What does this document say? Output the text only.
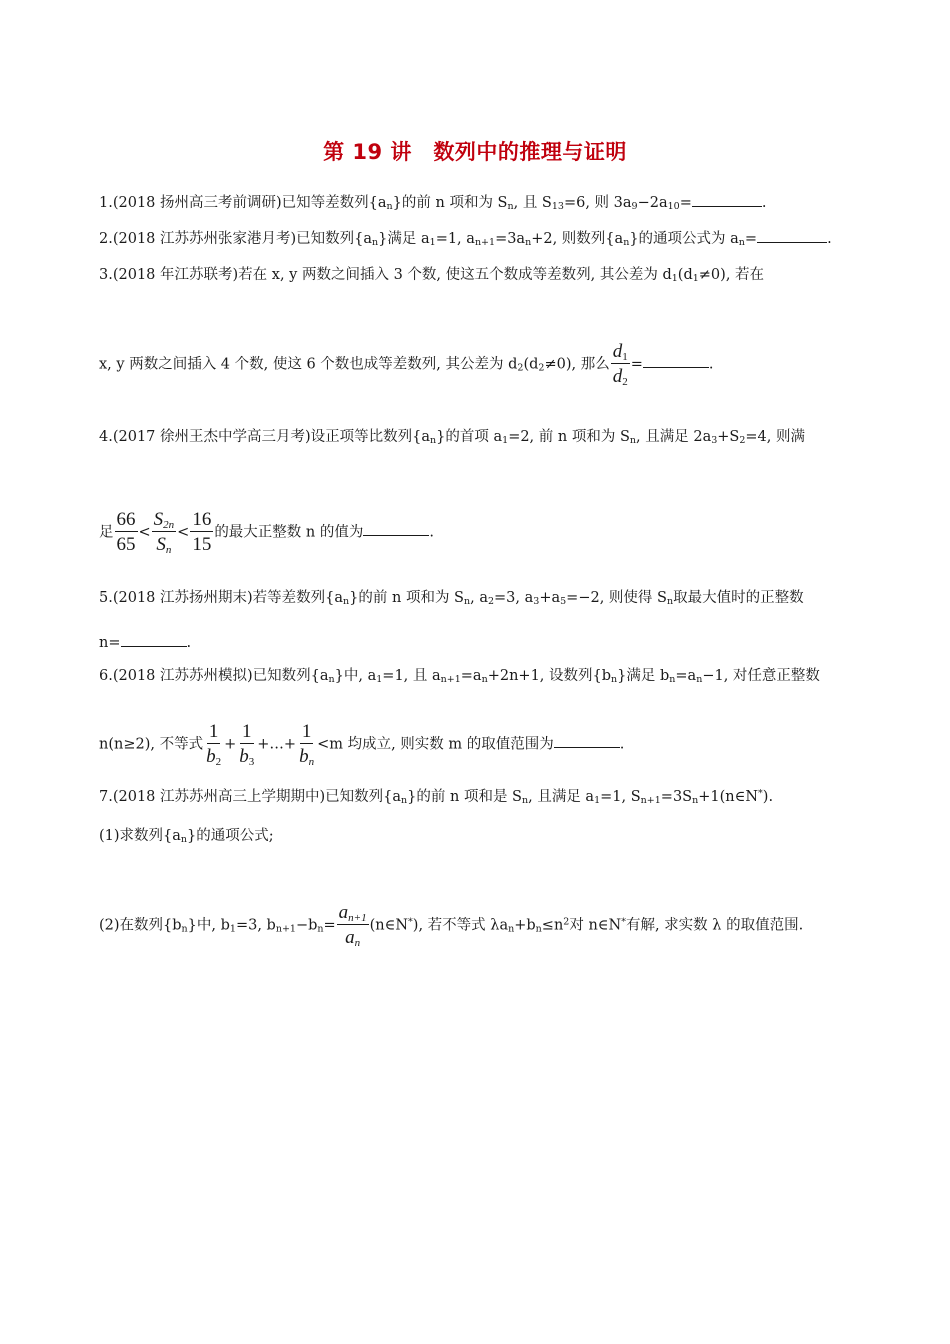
第 19 讲　数列中的推理与证明
1.(2018 扬州高三考前调研)已知等差数列$\{a_n\}$的前 n 项和为 $S_n$, 且 $S_{13}=6$, 则 $3a_9-2a_{10}=$	.
2.(2018 江苏苏州张家港月考)已知数列$\{a_n\}$满足 $a_1=1$, $a_{n+1}=3a_n+2$, 则数列$\{a_n\}$的通项公式为 $a_n=$	.
3.(2018 年江苏联考)若在 x, y 两数之间插入 3 个数, 使这五个数成等差数列, 其公差为 $d_1(d_1\ne 0)$, 若在
x, y 两数之间插入 4 个数, 使这 6 个数也成等差数列, 其公差为 $d_2(d_2\ne 0)$, 那么 $\frac{d_1}{d_2}$ =	.
4.(2017 徐州王杰中学高三月考)设正项等比数列$\{a_n\}$的首项 $a_1=2$, 前 n 项和为 $S_n$, 且满足 $2a_3+S_2=4$, 则满
足 $\frac{66}{65} < \frac{S_{2n}}{S_n} < \frac{16}{15}$ 的最大正整数 n 的值为	.
5.(2018 江苏扬州期末)若等差数列$\{a_n\}$的前 n 项和为 $S_n$, $a_2=3$, $a_3+a_5=-2$, 则使得 $S_n$取最大值时的正整数
n=	.
6.(2018 江苏苏州模拟)已知数列$\{a_n\}$中, $a_1=1$, 且 $a_{n+1}=a_n+2n+1$, 设数列$\{b_n\}$满足 $b_n=a_n-1$, 对任意正整数
n(n≥2), 不等式 $\frac{1}{b_2} + \frac{1}{b_3}$ +…+ $\frac{1}{b_n} <m$ 均成立, 则实数 m 的取值范围为	.
7.(2018 江苏苏州高三上学期期中)已知数列$\{a_n\}$的前 n 项和是 $S_n$, 且满足 $a_1=1$, $S_{n+1}=3S_n+1(n\in N^*)$.
(1)求数列$\{a_n\}$的通项公式;
(2)在数列$\{b_n\}$中, $b_1=3$, $b_{n+1}-b_n= \frac{a_{n+1}}{a_n}$ (n∈N*), 若不等式 $\lambda a_n+b_n\le n^2$对 n∈N*有解, 求实数 λ 的取值范围.
